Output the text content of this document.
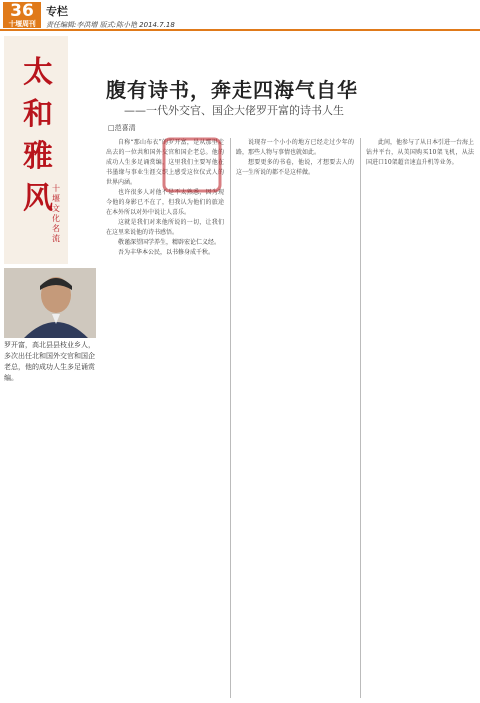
36
十堰周刊
专栏
责任编辑:李洪增 版式:陈小艳 2014.7.18
太
和
雅
风 十堰文化名流
罗开富，高北县县枝业乡人，多次出任北和国外交官和国企老总，他的成功人生多足诵赏编。
腹有诗书，奔走四海气自华
——一代外交官、国企大佬罗开富的诗书人生
□范喜清

自称“那山布衣”的罗开富，是从那里走出去的一位共和国外交官和国企老总。他的成功人生多足诵赏编，这里我们主要写他在书墨缘与事业生涯交织上感受这位仪式人的世界内涵。

也许很多人对他不是不太熟悉，因为现今他的身影已不在了，但我认为他们的旅途在本外所以对外中说让人喜乐。

这就是我们对来他所说的一切，让我们在这里来说他的诗书感悟。

敬谨深望国学养生，精辟宏论仁义经。
吾为丰华本公民，以书修身成千秋。

说现存一个小小的地方已经走过少年的路，那些人物与事情也就如此。

想要更多的书卷，他说，才想要去人的这一生所说的都不是这样做。

此间，他参与了从日本引进一台海上钻井平台，从美国购买10架飞机，从法国进口10架超音速直升机等业务。
